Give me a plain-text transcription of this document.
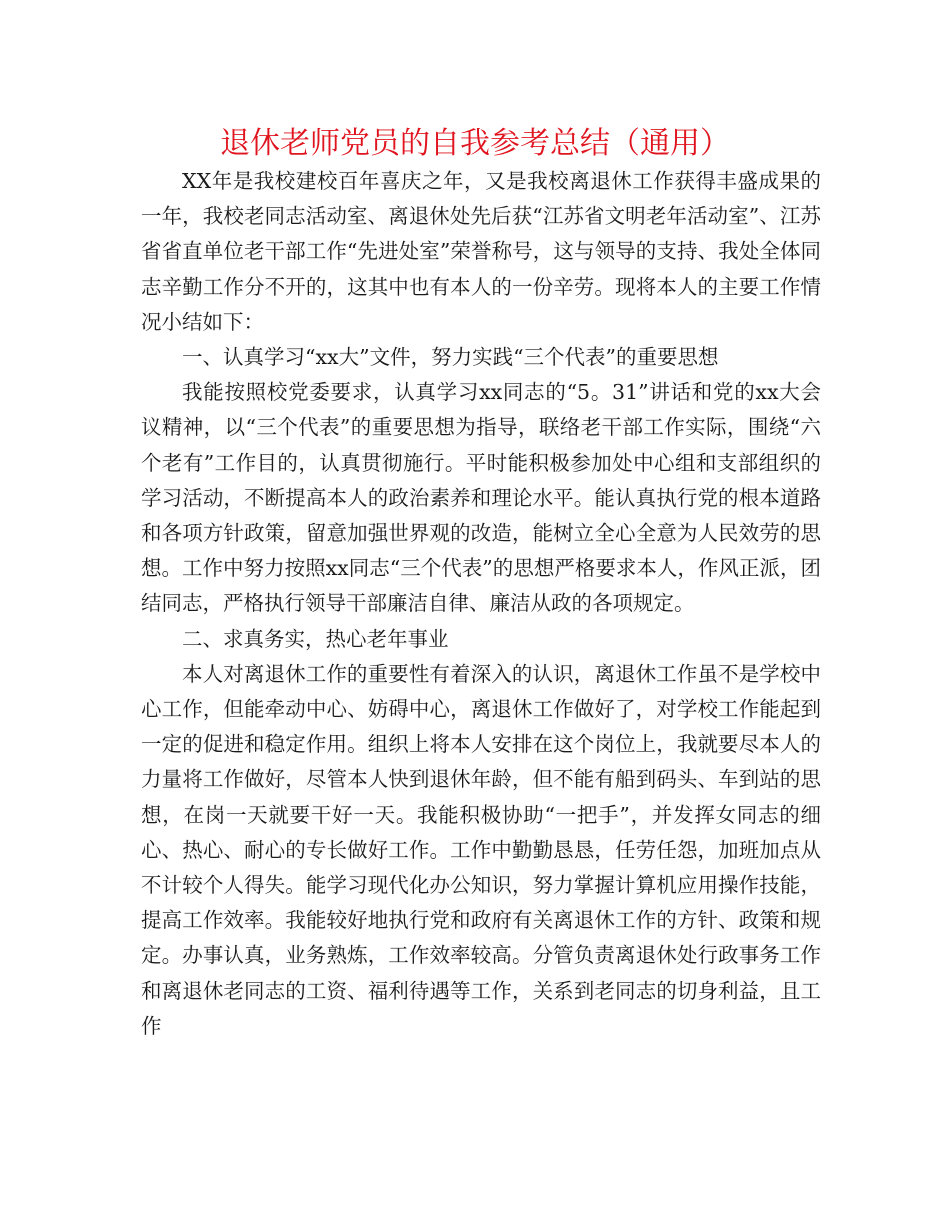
退休老师党员的自我参考总结（通用）

XX年是我校建校百年喜庆之年，又是我校离退休工作获得丰盛成果的一年，我校老同志活动室、离退休处先后获“江苏省文明老年活动室”、江苏省省直单位老干部工作“先进处室”荣誉称号，这与领导的支持、我处全体同志辛勤工作分不开的，这其中也有本人的一份辛劳。现将本人的主要工作情况小结如下：

一、认真学习“xx大”文件，努力实践“三个代表”的重要思想

我能按照校党委要求，认真学习xx同志的“5。31”讲话和党的xx大会议精神，以“三个代表”的重要思想为指导，联络老干部工作实际，围绕“六个老有”工作目的，认真贯彻施行。平时能积极参加处中心组和支部组织的学习活动，不断提高本人的政治素养和理论水平。能认真执行党的根本道路和各项方针政策，留意加强世界观的改造，能树立全心全意为人民效劳的思想。工作中努力按照xx同志“三个代表”的思想严格要求本人，作风正派，团结同志，严格执行领导干部廉洁自律、廉洁从政的各项规定。

二、求真务实，热心老年事业

本人对离退休工作的重要性有着深入的认识，离退休工作虽不是学校中心工作，但能牵动中心、妨碍中心，离退休工作做好了，对学校工作能起到一定的促进和稳定作用。组织上将本人安排在这个岗位上，我就要尽本人的力量将工作做好，尽管本人快到退休年龄，但不能有船到码头、车到站的思想，在岗一天就要干好一天。我能积极协助“一把手”，并发挥女同志的细心、热心、耐心的专长做好工作。工作中勤勤恳恳，任劳任怨，加班加点从不计较个人得失。能学习现代化办公知识，努力掌握计算机应用操作技能，提高工作效率。我能较好地执行党和政府有关离退休工作的方针、政策和规定。办事认真，业务熟炼，工作效率较高。分管负责离退休处行政事务工作和离退休老同志的工资、福利待遇等工作，关系到老同志的切身利益，且工作
